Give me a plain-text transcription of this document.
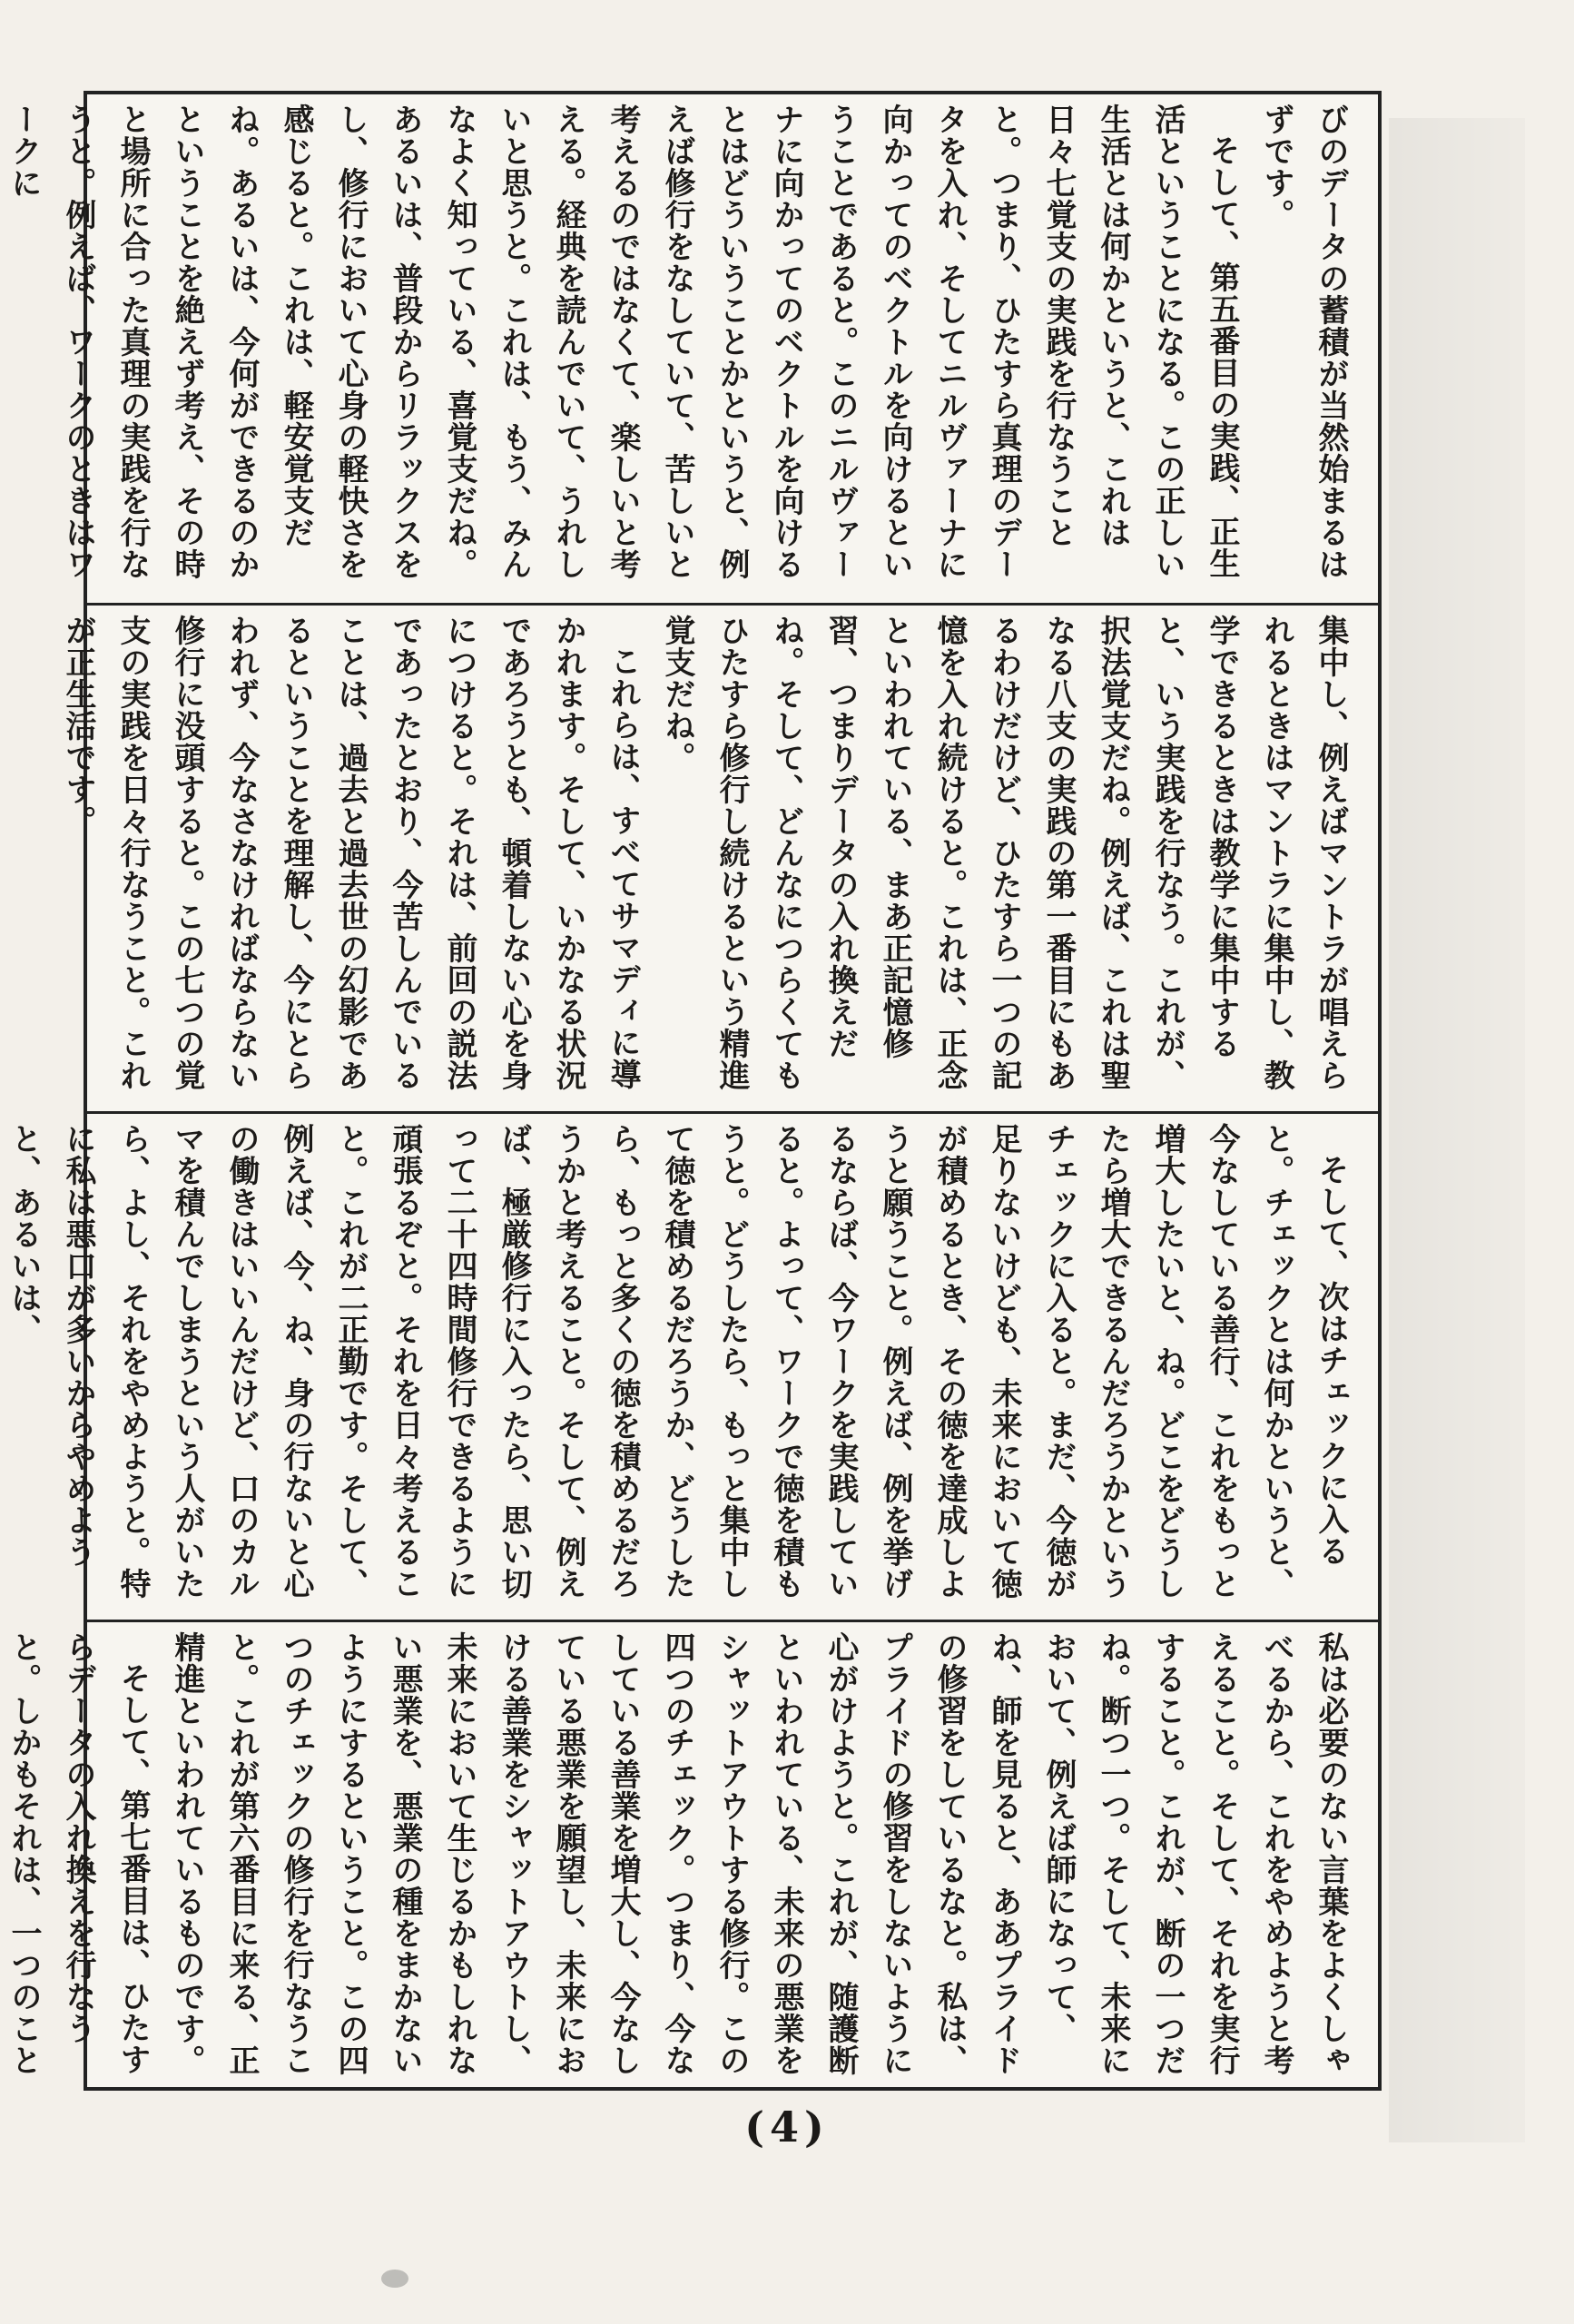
びのデータの蓄積が当然始まるはずです。

そして、第五番目の実践、正生活ということになる。この正しい生活とは何かというと、これは日々七覚支の実践を行なうことと。つまり、ひたすら真理のデータを入れ、そしてニルヴァーナに向かってのベクトルを向けるということであると。このニルヴァーナに向かってのベクトルを向けるとはどういうことかというと、例えば修行をなしていて、苦しいと考えるのではなくて、楽しいと考える。経典を読んでいて、うれしいと思うと。これは、もう、みんなよく知っている、喜覚支だね。あるいは、普段からリラックスをし、修行において心身の軽快さを感じると。これは、軽安覚支だね。あるいは、今何ができるのかということを絶えず考え、その時と場所に合った真理の実践を行なうと。例えば、ワークのときはワークに

集中し、例えばマントラが唱えられるときはマントラに集中し、教学できるときは教学に集中すると、いう実践を行なう。これが、択法覚支だね。例えば、これは聖なる八支の実践の第一番目にもあるわけだけど、ひたすら一つの記憶を入れ続けると。これは、正念といわれている、まあ正記憶修習、つまりデータの入れ換えだね。そして、どんなにつらくてもひたすら修行し続けるという精進覚支だね。

これらは、すべてサマディに導かれます。そして、いかなる状況であろうとも、頓着しない心を身につけると。それは、前回の説法であったとおり、今苦しんでいることは、過去と過去世の幻影であるということを理解し、今にとらわれず、今なさなければならない修行に没頭すると。この七つの覚支の実践を日々行なうこと。これが正生活です。

そして、次はチェックに入ると。チェックとは何かというと、今なしている善行、これをもっと増大したいと、ね。どこをどうしたら増大できるんだろうかというチェックに入ると。まだ、今徳が足りないけども、未来において徳が積めるとき、その徳を達成しようと願うこと。例えば、例を挙げるならば、今ワークを実践していると。よって、ワークで徳を積もうと。どうしたら、もっと集中して徳を積めるだろうか、どうしたら、もっと多くの徳を積めるだろうかと考えること。そして、例えば、極厳修行に入ったら、思い切って二十四時間修行できるように頑張るぞと。それを日々考えること。これが二正勤です。そして、例えば、今、ね、身の行ないと心の働きはいいんだけど、口のカルマを積んでしまうという人がいたら、よし、それをやめようと。特に私は悪口が多いからやめようと、あるいは、

私は必要のない言葉をよくしゃべるから、これをやめようと考えること。そして、それを実行すること。これが、断の一つだね。断つ一つ。そして、未来において、例えば師になって、ね、師を見ると、ああプライドの修習をしているなと。私は、プライドの修習をしないように心がけようと。これが、随護断といわれている、未来の悪業をシャットアウトする修行。この四つのチェック。つまり、今なしている善業を増大し、今なしている悪業を願望し、未来における善業をシャットアウトし、未来において生じるかもしれない悪業を、悪業の種をまかないようにするということ。この四つのチェックの修行を行なうこと。これが第六番目に来る、正精進といわれているものです。

そして、第七番目は、ひたすらデータの入れ換えを行なうと。しかもそれは、一つのこと

(4)
